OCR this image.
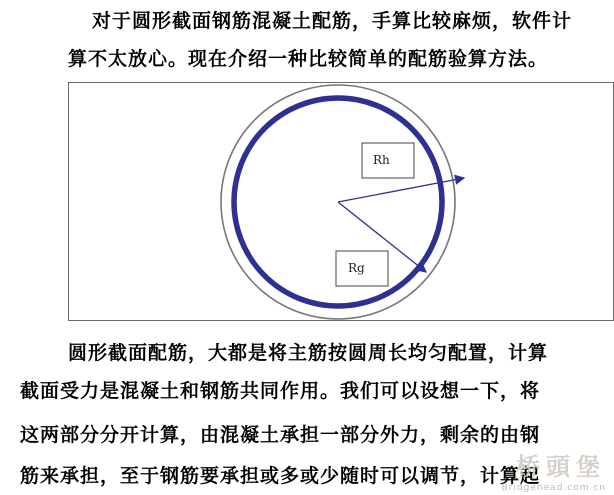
对于圆形截面钢筋混凝土配筋，手算比较麻烦，软件计
算不太放心。现在介绍一种比较简单的配筋验算方法。
Rh
Rg
圆形截面配筋，大都是将主筋按圆周长均匀配置，计算
截面受力是混凝土和钢筋共同作用。我们可以设想一下，将
这两部分分开计算，由混凝土承担一部分外力，剩余的由钢
筋来承担，至于钢筋要承担或多或少随时可以调节，计算起
桥頭堡
Bridgehead.com.cn
